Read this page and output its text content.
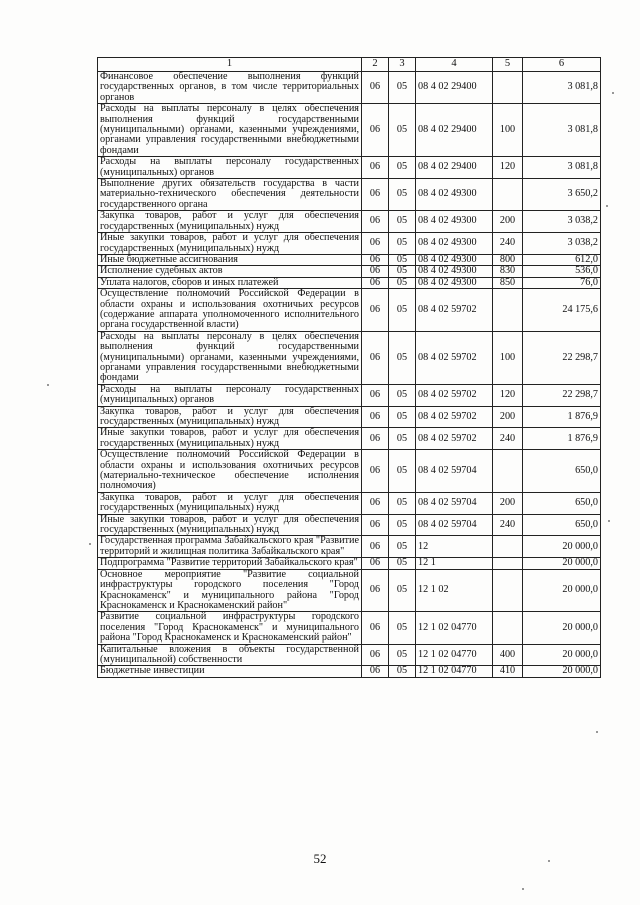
1	2	3	4	5	6
Финансовое обеспечение выполнения функций государственных органов, в том числе территориальных органов	06	05	08 4 02 29400		3 081,8
Расходы на выплаты персоналу в целях обеспечения выполнения функций государственными (муниципальными) органами, казенными учреждениями, органами управления государственными внебюджетными фондами	06	05	08 4 02 29400	100	3 081,8
Расходы на выплаты персоналу государственных (муниципальных) органов	06	05	08 4 02 29400	120	3 081,8
Выполнение других обязательств государства в части материально-технического обеспечения деятельности государственного органа	06	05	08 4 02 49300		3 650,2
Закупка товаров, работ и услуг для обеспечения государственных (муниципальных) нужд	06	05	08 4 02 49300	200	3 038,2
Иные закупки товаров, работ и услуг для обеспечения государственных (муниципальных) нужд	06	05	08 4 02 49300	240	3 038,2
Иные бюджетные ассигнования	06	05	08 4 02 49300	800	612,0
Исполнение судебных актов	06	05	08 4 02 49300	830	536,0
Уплата налогов, сборов и иных платежей	06	05	08 4 02 49300	850	76,0
Осуществление полномочий Российской Федерации в области охраны и использования охотничьих ресурсов (содержание аппарата уполномоченного исполнительного органа государственной власти)	06	05	08 4 02 59702		24 175,6
Расходы на выплаты персоналу в целях обеспечения выполнения функций государственными (муниципальными) органами, казенными учреждениями, органами управления государственными внебюджетными фондами	06	05	08 4 02 59702	100	22 298,7
Расходы на выплаты персоналу государственных (муниципальных) органов	06	05	08 4 02 59702	120	22 298,7
Закупка товаров, работ и услуг для обеспечения государственных (муниципальных) нужд	06	05	08 4 02 59702	200	1 876,9
Иные закупки товаров, работ и услуг для обеспечения государственных (муниципальных) нужд	06	05	08 4 02 59702	240	1 876,9
Осуществление полномочий Российской Федерации в области охраны и использования охотничьих ресурсов (материально-техническое обеспечение исполнения полномочия)	06	05	08 4 02 59704		650,0
Закупка товаров, работ и услуг для обеспечения государственных (муниципальных) нужд	06	05	08 4 02 59704	200	650,0
Иные закупки товаров, работ и услуг для обеспечения государственных (муниципальных) нужд	06	05	08 4 02 59704	240	650,0
Государственная программа Забайкальского края "Развитие территорий и жилищная политика Забайкальского края"	06	05	12		20 000,0
Подпрограмма "Развитие территорий Забайкальского края"	06	05	12 1		20 000,0
Основное мероприятие "Развитие социальной инфраструктуры городского поселения "Город Краснокаменск" и муниципального района "Город Краснокаменск и Краснокаменский район"	06	05	12 1 02		20 000,0
Развитие социальной инфраструктуры городского поселения "Город Краснокаменск" и муниципального района "Город Краснокаменск и Краснокаменский район"	06	05	12 1 02 04770		20 000,0
Капитальные вложения в объекты государственной (муниципальной) собственности	06	05	12 1 02 04770	400	20 000,0
Бюджетные инвестиции	06	05	12 1 02 04770	410	20 000,0
52
